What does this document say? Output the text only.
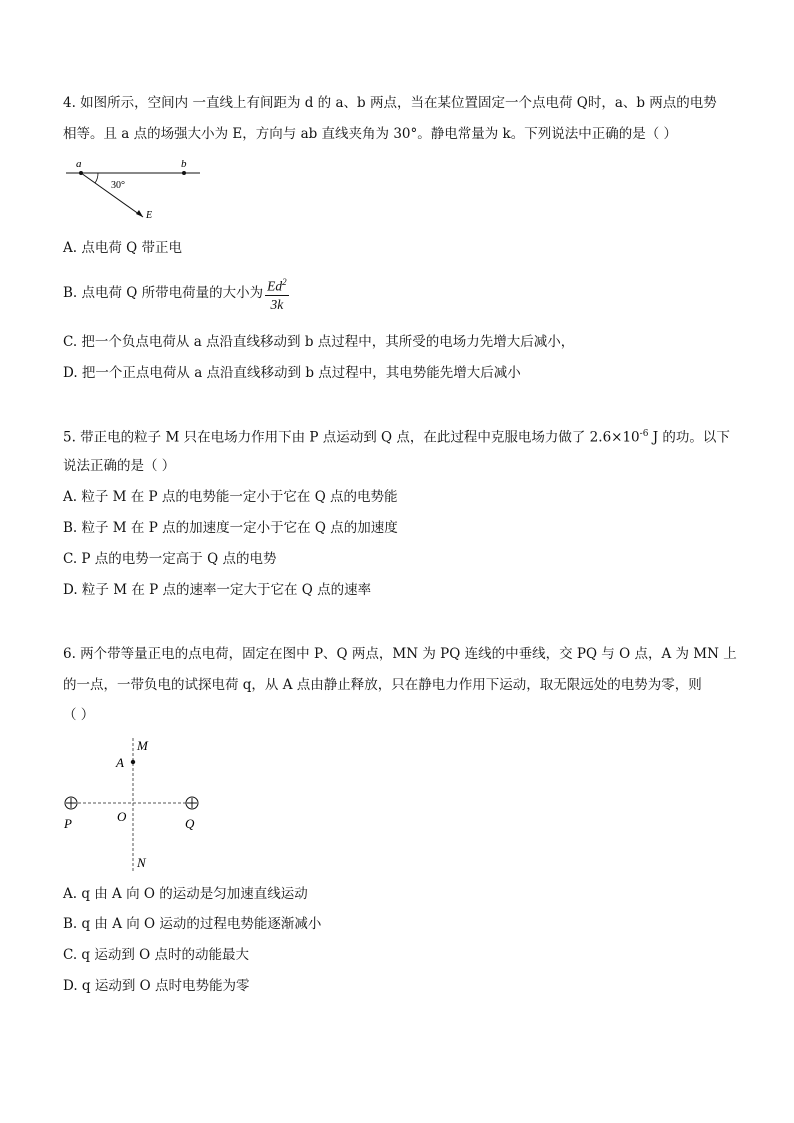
4. 如图所示，空间内 一直线上有间距为 d 的 a、b 两点，当在某位置固定一个点电荷 Q时，a、b 两点的电势
相等。且 a 点的场强大小为 E，方向与 ab 直线夹角为 30°。静电常量为 k。下列说法中正确的是（ ）
a	b
30°
E
A. 点电荷 Q 带正电
B. 点电荷 Q 所带电荷量的大小为 $\frac{Ed^2}{3k}$
C. 把一个负点电荷从 a 点沿直线移动到 b 点过程中，其所受的电场力先增大后减小，
D. 把一个正点电荷从 a 点沿直线移动到 b 点过程中，其电势能先增大后减小
5. 带正电的粒子 M 只在电场力作用下由 P 点运动到 Q 点，在此过程中克服电场力做了 $2.6\times 10^{-6}$ J 的功。以下
说法正确的是（ ）
A. 粒子 M 在 P 点的电势能一定小于它在 Q 点的电势能
B. 粒子 M 在 P 点的加速度一定小于它在 Q 点的加速度
C. P 点的电势一定高于 Q 点的电势
D. 粒子 M 在 P 点的速率一定大于它在 Q 点的速率
6. 两个带等量正电的点电荷，固定在图中 P、Q 两点，MN 为 PQ 连线的中垂线，交 PQ 与 O 点，A 为 MN 上
的一点，一带负电的试探电荷 q，从 A 点由静止释放，只在静电力作用下运动，取无限远处的电势为零，则
（ ）
M
A
P	O	Q
N
A. q 由 A 向 O 的运动是匀加速直线运动
B. q 由 A 向 O 运动的过程电势能逐渐减小
C. q 运动到 O 点时的动能最大
D. q 运动到 O 点时电势能为零
